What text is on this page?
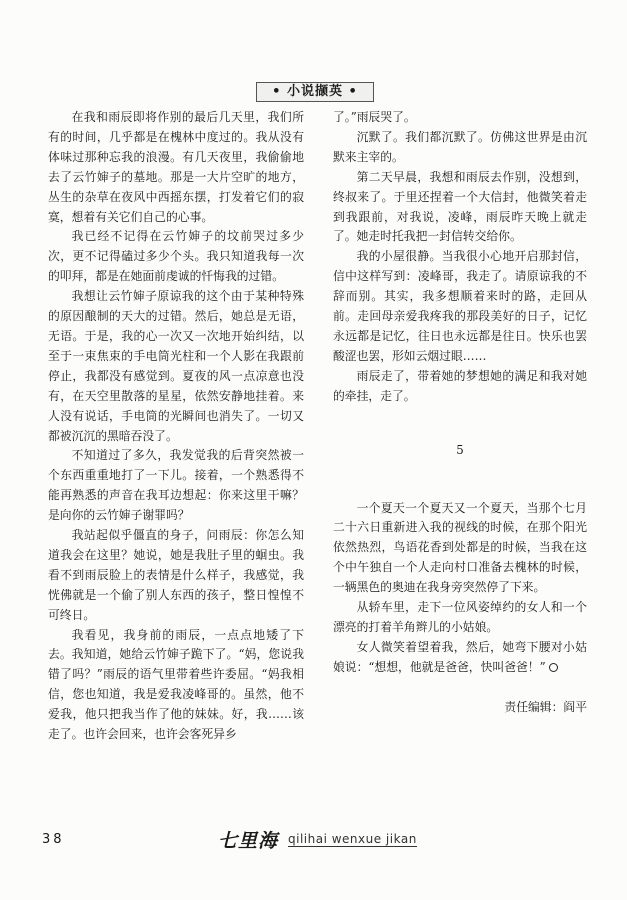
• 小说撷英 •

在我和雨辰即将作别的最后几天里，我们所有的时间，几乎都是在槐林中度过的。我从没有体味过那种忘我的浪漫。有几天夜里，我偷偷地去了云竹婶子的墓地。那是一大片空旷的地方，丛生的杂草在夜风中西摇东摆，打发着它们的寂寞，想着有关它们自己的心事。

我已经不记得在云竹婶子的坟前哭过多少次，更不记得磕过多少个头。我只知道我每一次的叩拜，都是在她面前虔诚的忏悔我的过错。

我想让云竹婶子原谅我的这个由于某种特殊的原因酿制的天大的过错。然后，她总是无语，无语。于是，我的心一次又一次地开始纠结，以至于一束焦束的手电筒光柱和一个人影在我跟前停止，我都没有感觉到。夏夜的风一点凉意也没有，在天空里散落的星星，依然安静地挂着。来人没有说话，手电筒的光瞬间也消失了。一切又都被沉沉的黑暗吞没了。

不知道过了多久，我发觉我的后背突然被一个东西重重地打了一下儿。接着，一个熟悉得不能再熟悉的声音在我耳边想起：你来这里干嘛？是向你的云竹婶子谢罪吗？

我站起似乎僵直的身子，问雨辰：你怎么知道我会在这里？她说，她是我肚子里的蛔虫。我看不到雨辰脸上的表情是什么样子，我感觉，我恍佛就是一个偷了别人东西的孩子，整日惶惶不可终日。

我看见，我身前的雨辰，一点点地矮了下去。我知道，她给云竹婶子跪下了。“妈，您说我错了吗？”雨辰的语气里带着些许委屈。“妈我相信，您也知道，我是爱我凌峰哥的。虽然，他不爱我，他只把我当作了他的妹妹。好，我……该走了。也许会回来，也许会客死异乡

了。”雨辰哭了。

沉默了。我们都沉默了。仿佛这世界是由沉默来主宰的。

第二天早晨，我想和雨辰去作别，没想到，终叔来了。于里还捏着一个大信封，他微笑着走到我跟前，对我说，凌峰，雨辰昨天晚上就走了。她走时托我把一封信转交给你。

我的小屋很静。当我很小心地开启那封信，信中这样写到：凌峰哥，我走了。请原谅我的不辞而别。其实，我多想顺着来时的路，走回从前。走回母亲爱我疼我的那段美好的日子，记忆永远都是记忆，往日也永远都是往日。快乐也罢酸涩也罢，形如云烟过眼……

雨辰走了，带着她的梦想她的满足和我对她的牵挂，走了。

5

一个夏天一个夏天又一个夏天，当那个七月二十六日重新进入我的视线的时候，在那个阳光依然热烈，鸟语花香到处都是的时候，当我在这个中午独自一个人走向村口准备去槐林的时候，一辆黑色的奥迪在我身旁突然停了下来。

从轿车里，走下一位风姿绰约的女人和一个漂亮的打着羊角辫儿的小姑娘。

女人微笑着望着我，然后，她弯下腰对小姑娘说：“想想，他就是爸爸，快叫爸爸！”

责任编辑：阎平

38	七里海 qilihai wenxue jikan
